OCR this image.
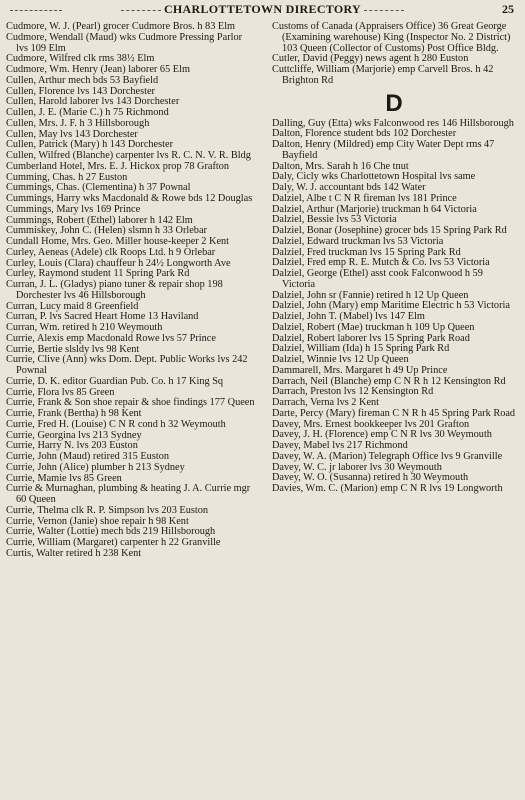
CHARLOTTETOWN DIRECTORY	25
Cudmore, W. J. (Pearl) grocer Cudmore Bros. h 83 Elm
Cudmore, Wendall (Maud) wks Cudmore Pressing Parlor lvs 109 Elm
Cudmore, Wilfred clk rms 38½ Elm
Cudmore, Wm. Henry (Jean) laborer 65 Elm
Cullen, Arthur mech bds 53 Bayfield
Cullen, Florence lvs 143 Dorchester
Cullen, Harold laborer lvs 143 Dorchester
Cullen, J. E. (Marie C.) h 75 Richmond
Cullen, Mrs. J. F. h 3 Hillsborough
Cullen, May lvs 143 Dorchester
Cullen, Patrick (Mary) h 143 Dorchester
Cullen, Wilfred (Blanche) carpenter lvs R. C. N. V. R. Bldg
Cumberland Hotel, Mrs. E. J. Hickox prop 78 Grafton
Cumming, Chas. h 27 Euston
Cummings, Chas. (Clementina) h 37 Pownal
Cummings, Harry wks Macdonald & Rowe bds 12 Douglas
Cummings, Mary lvs 169 Prince
Cummings, Robert (Ethel) laborer h 142 Elm
Cummiskey, John C. (Helen) slsmn h 33 Orlebar
Cundall Home, Mrs. Geo. Miller house-keeper 2 Kent
Curley, Aeneas (Adele) clk Roops Ltd. h 9 Orlebar
Curley, Louis (Clara) chauffeur h 24½ Longworth Ave
Curley, Raymond student 11 Spring Park Rd
Curran, J. L. (Gladys) piano tuner & repair shop 198 Dorchester lvs 46 Hillsborough
Curran, Lucy maid 8 Greenfield
Curran, P. lvs Sacred Heart Home 13 Haviland
Curran, Wm. retired h 210 Weymouth
Currie, Alexis emp Macdonald Rowe lvs 57 Prince
Currie, Bertie slsldy lvs 98 Kent
Currie, Clive (Ann) wks Dom. Dept. Public Works lvs 242 Pownal
Currie, D. K. editor Guardian Pub. Co. h 17 King Sq
Currie, Flora lvs 85 Green
Currie, Frank & Son shoe repair & shoe findings 177 Queen
Currie, Frank (Bertha) h 98 Kent
Currie, Fred H. (Louise) C N R cond h 32 Weymouth
Currie, Georgina lvs 213 Sydney
Currie, Harry N. lvs 203 Euston
Currie, John (Maud) retired 315 Euston
Currie, John (Alice) plumber h 213 Sydney
Currie, Mamie lvs 85 Green
Currie & Murnaghan, plumbing & heating J. A. Currie mgr 60 Queen
Currie, Thelma clk R. P. Simpson lvs 203 Euston
Currie, Vernon (Janie) shoe repair h 98 Kent
Currie, Walter (Lottie) mech bds 219 Hillsborough
Currie, William (Margaret) carpenter h 22 Granville
Curtis, Walter retired h 238 Kent
Customs of Canada (Appraisers Office) 36 Great George (Examining warehouse) King (Inspector No. 2 District) 103 Queen (Collector of Customs) Post Office Bldg.
Cutler, David (Peggy) news agent h 280 Euston
Cuttcliffe, William (Marjorie) emp Carvell Bros. h 42 Brighton Rd
D
Dalling, Guy (Etta) wks Falconwood res 146 Hillsborough
Dalton, Florence student bds 102 Dorchester
Dalton, Henry (Mildred) emp City Water Dept rms 47 Bayfield
Dalton, Mrs. Sarah h 16 Che tnut
Daly, Cicly wks Charlottetown Hospital lvs same
Daly, W. J. accountant bds 142 Water
Dalziel, Albe t C N R fireman lvs 181 Prince
Dalziel, Arthur (Marjorie) truckman h 64 Victoria
Dalziel, Bessie lvs 53 Victoria
Dalziel, Bonar (Josephine) grocer bds 15 Spring Park Rd
Dalziel, Edward truckman lvs 53 Victoria
Dalziel, Fred truckman lvs 15 Spring Park Rd
Dalziel, Fred emp R. E. Mutch & Co. lvs 53 Victoria
Dalziel, George (Ethel) asst cook Falconwood h 59 Victoria
Dalziel, John sr (Fannie) retired h 12 Up Queen
Dalziel, John (Mary) emp Maritime Electric h 53 Victoria
Dalziel, John T. (Mabel) lvs 147 Elm
Dalziel, Robert (Mae) truckman h 109 Up Queen
Dalziel, Robert laborer lvs 15 Spring Park Road
Dalziel, William (Ida) h 15 Spring Park Rd
Dalziel, Winnie lvs 12 Up Queen
Dammarell, Mrs. Margaret h 49 Up Prince
Darrach, Neil (Blanche) emp C N R h 12 Kensington Rd
Darrach, Preston lvs 12 Kensington Rd
Darrach, Verna lvs 2 Kent
Darte, Percy (Mary) fireman C N R h 45 Spring Park Road
Davey, Mrs. Ernest bookkeeper lvs 201 Grafton
Davey, J. H. (Florence) emp C N R lvs 30 Weymouth
Davey, Mabel lvs 217 Richmond
Davey, W. A. (Marion) Telegraph Office lvs 9 Granville
Davey, W. C. jr laborer lvs 30 Weymouth
Davey, W. O. (Susanna) retired h 30 Weymouth
Davies, Wm. C. (Marion) emp C N R lvs 19 Longworth
